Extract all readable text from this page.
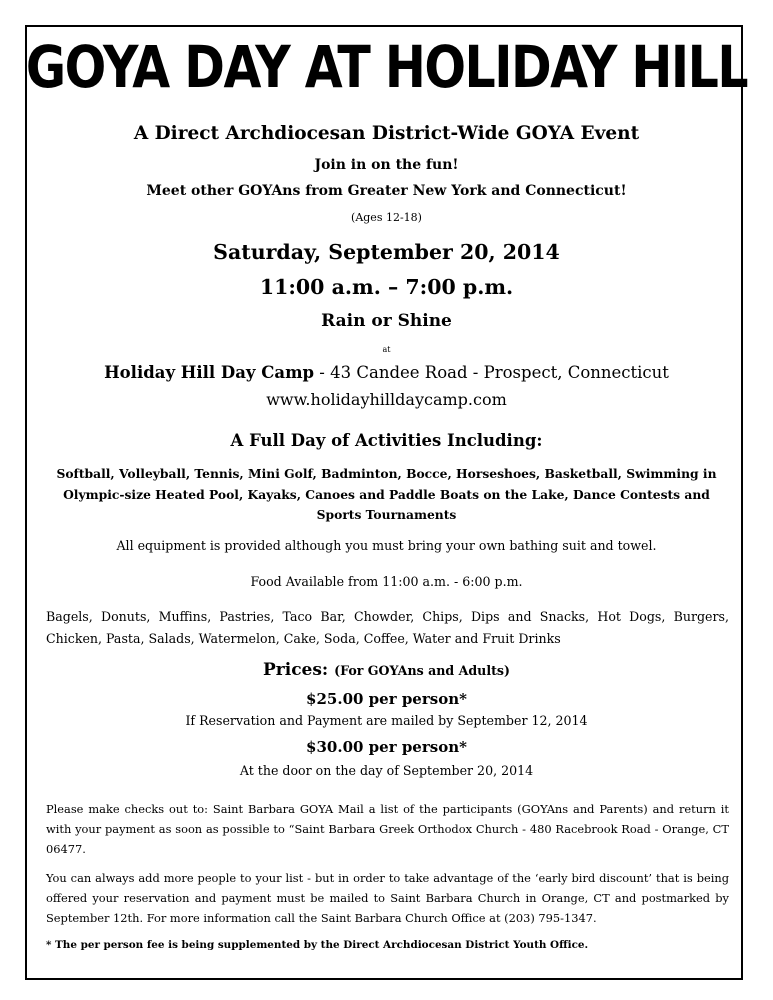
GOYA DAY AT HOLIDAY HILL
A Direct Archdiocesan District-Wide GOYA Event
Join in on the fun!
Meet other GOYAns from Greater New York and Connecticut!
(Ages 12-18)
Saturday, September 20, 2014
11:00 a.m. – 7:00 p.m.
Rain or Shine
at
Holiday Hill Day Camp - 43 Candee Road - Prospect, Connecticut
www.holidayhilldaycamp.com
A Full Day of Activities Including:
Softball, Volleyball, Tennis, Mini Golf, Badminton, Bocce, Horseshoes, Basketball, Swimming in Olympic-size Heated Pool, Kayaks, Canoes and Paddle Boats on the Lake, Dance Contests and Sports Tournaments
All equipment is provided although you must bring your own bathing suit and towel.
Food Available from 11:00 a.m. - 6:00 p.m.
Bagels, Donuts, Muffins, Pastries, Taco Bar, Chowder, Chips, Dips and Snacks, Hot Dogs, Burgers, Chicken, Pasta, Salads, Watermelon, Cake, Soda, Coffee, Water and Fruit Drinks
Prices: (For GOYAns and Adults)
$25.00 per person*
If Reservation and Payment are mailed by September 12, 2014
$30.00 per person*
At the door on the day of September 20, 2014
Please make checks out to: Saint Barbara GOYA Mail a list of the participants (GOYAns and Parents) and return it with your payment as soon as possible to “Saint Barbara Greek Orthodox Church - 480 Racebrook Road - Orange, CT 06477.
You can always add more people to your list - but in order to take advantage of the ‘early bird discount’ that is being offered your reservation and payment must be mailed to Saint Barbara Church in Orange, CT and postmarked by September 12th. For more information call the Saint Barbara Church Office at (203) 795-1347.
* The per person fee is being supplemented by the Direct Archdiocesan District Youth Office.
